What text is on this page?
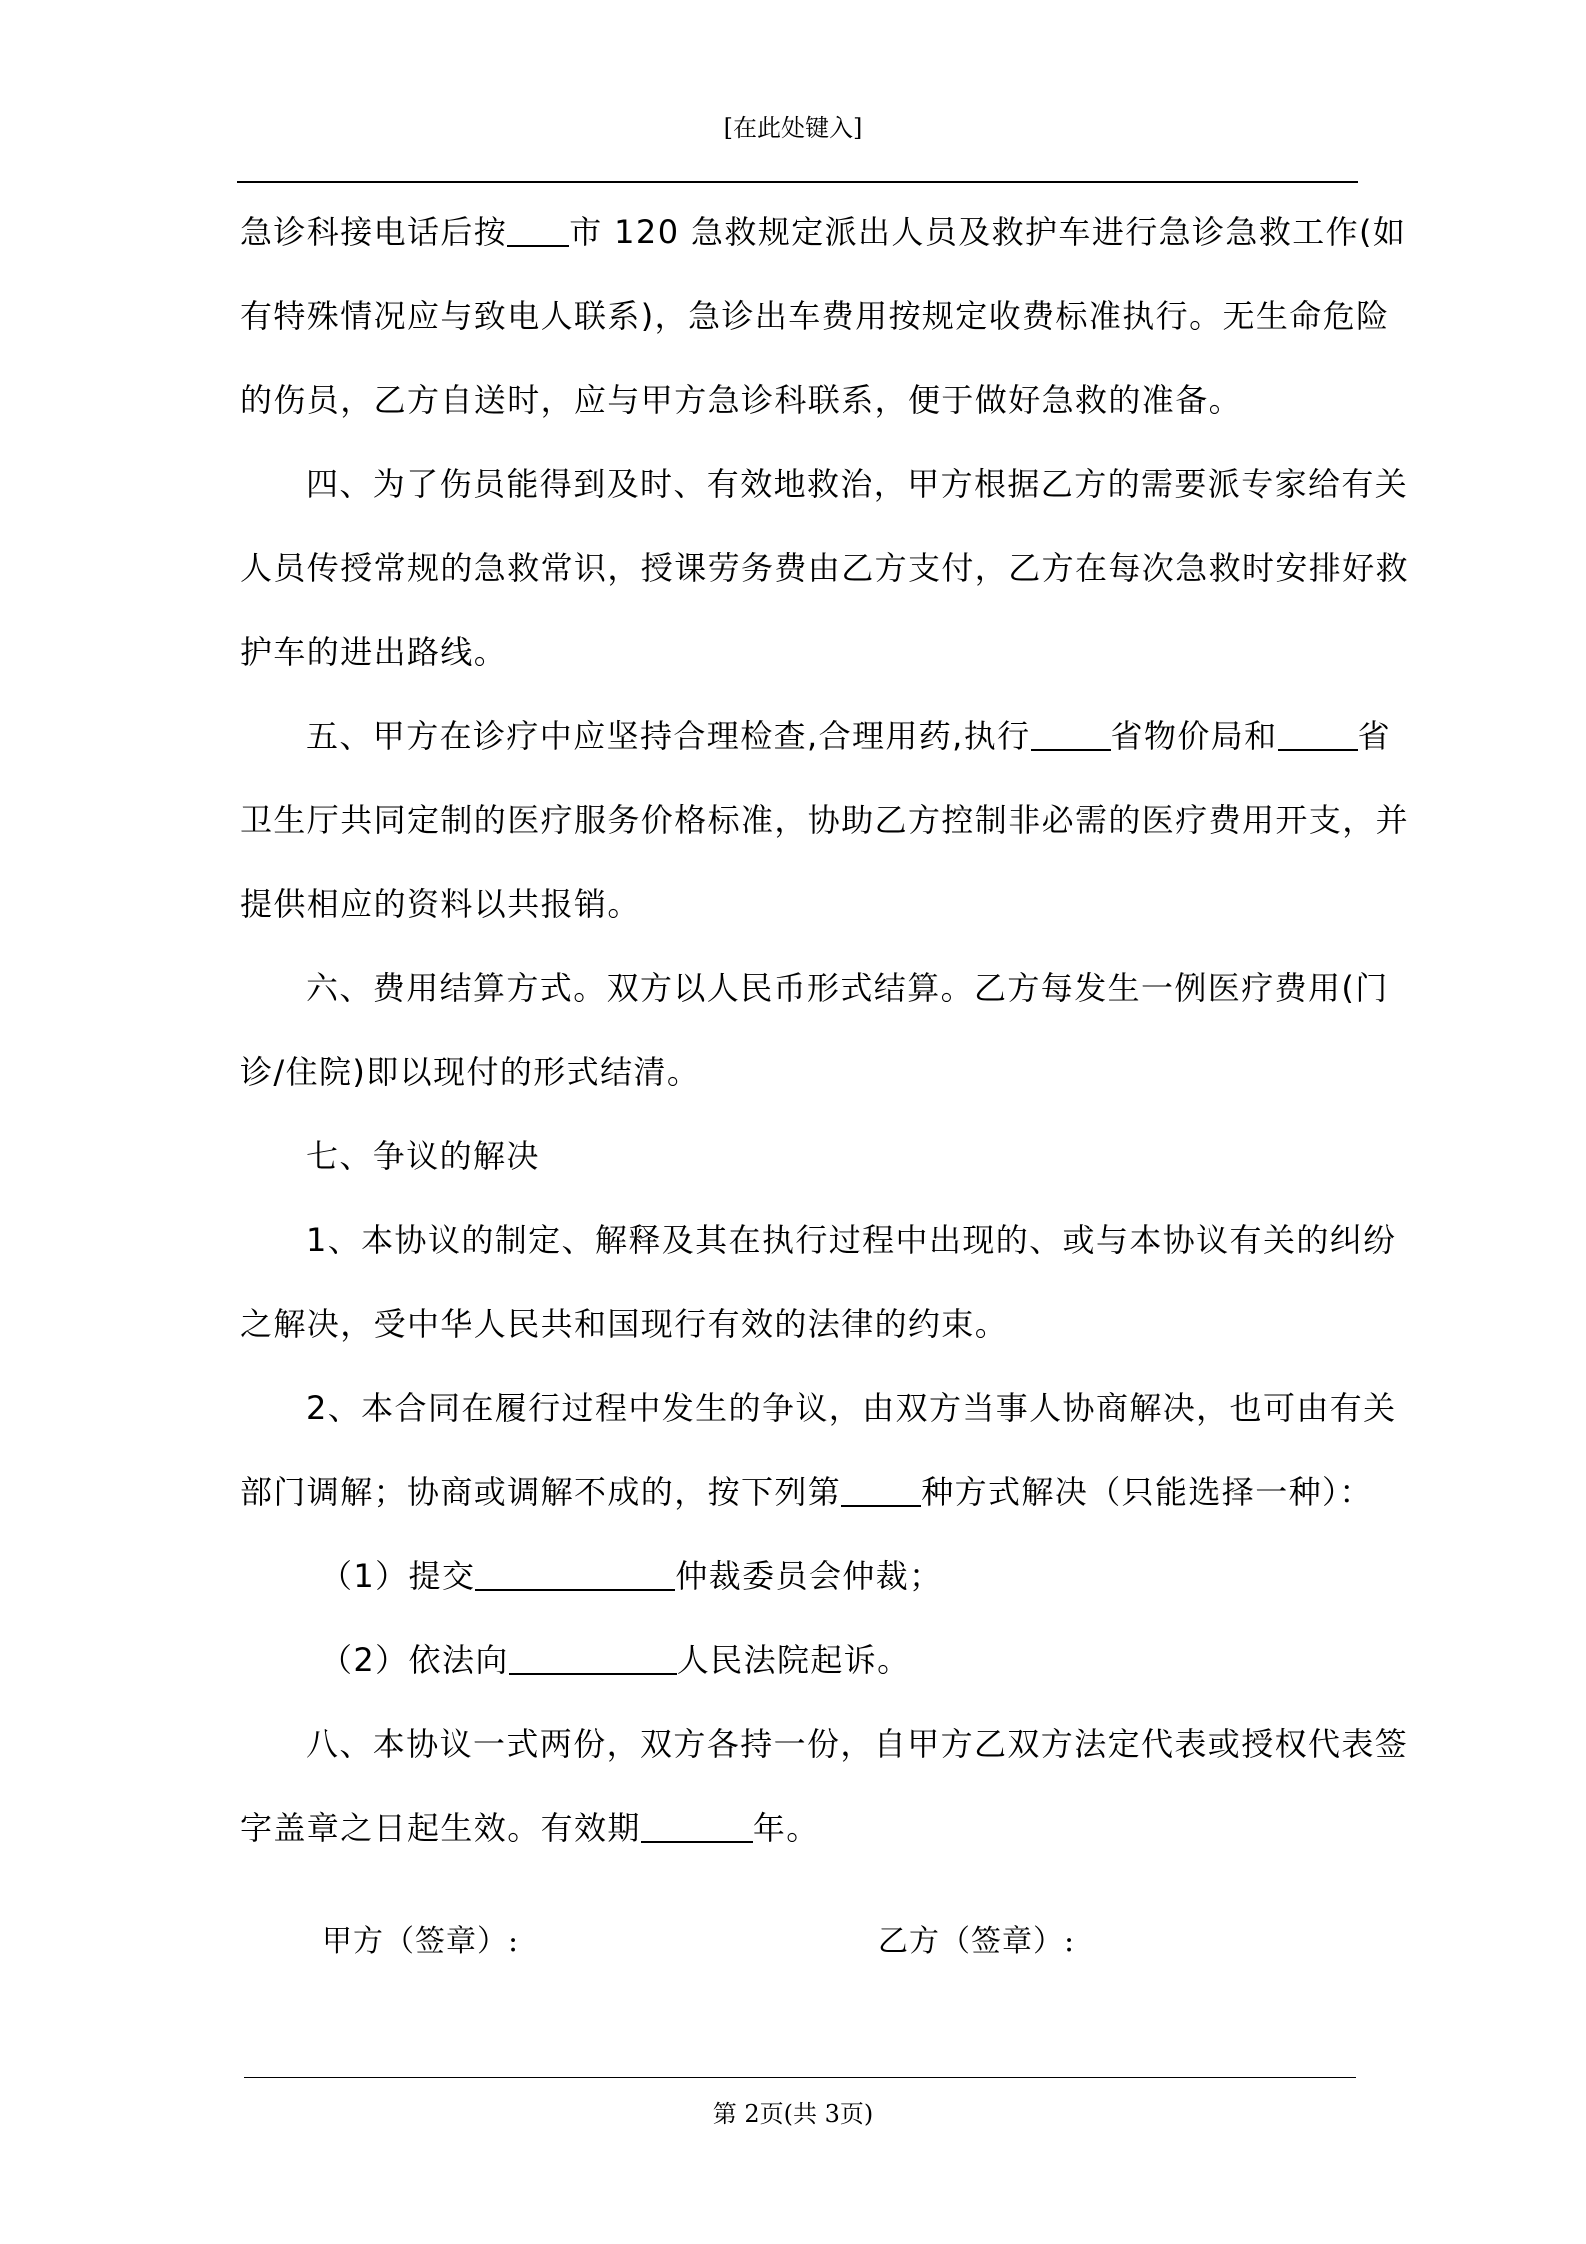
[在此处键入]
急诊科接电话后按 市 120 急救规定派出人员及救护车进行急诊急救工作(如
有特殊情况应与致电人联系)，急诊出车费用按规定收费标准执行。无生命危险
的伤员，乙方自送时，应与甲方急诊科联系，便于做好急救的准备。
四、为了伤员能得到及时、有效地救治，甲方根据乙方的需要派专家给有关
人员传授常规的急救常识，授课劳务费由乙方支付，乙方在每次急救时安排好救
护车的进出路线。
五、甲方在诊疗中应坚持合理检查,合理用药,执行	省物价局和	省
卫生厅共同定制的医疗服务价格标准，协助乙方控制非必需的医疗费用开支，并
提供相应的资料以共报销。
六、费用结算方式。双方以人民币形式结算。乙方每发生一例医疗费用(门
诊/住院)即以现付的形式结清。
七、争议的解决
1、本协议的制定、解释及其在执行过程中出现的、或与本协议有关的纠纷
之解决，受中华人民共和国现行有效的法律的约束。
2、本合同在履行过程中发生的争议，由双方当事人协商解决，也可由有关
部门调解；协商或调解不成的，按下列第	种方式解决（只能选择一种）：
（1）提交	仲裁委员会仲裁；
（2）依法向	人民法院起诉。
八、本协议一式两份，双方各持一份，自甲方乙双方法定代表或授权代表签
字盖章之日起生效。有效期	年。
甲方（签章）:	乙方（签章）:
第 2页(共 3页)
